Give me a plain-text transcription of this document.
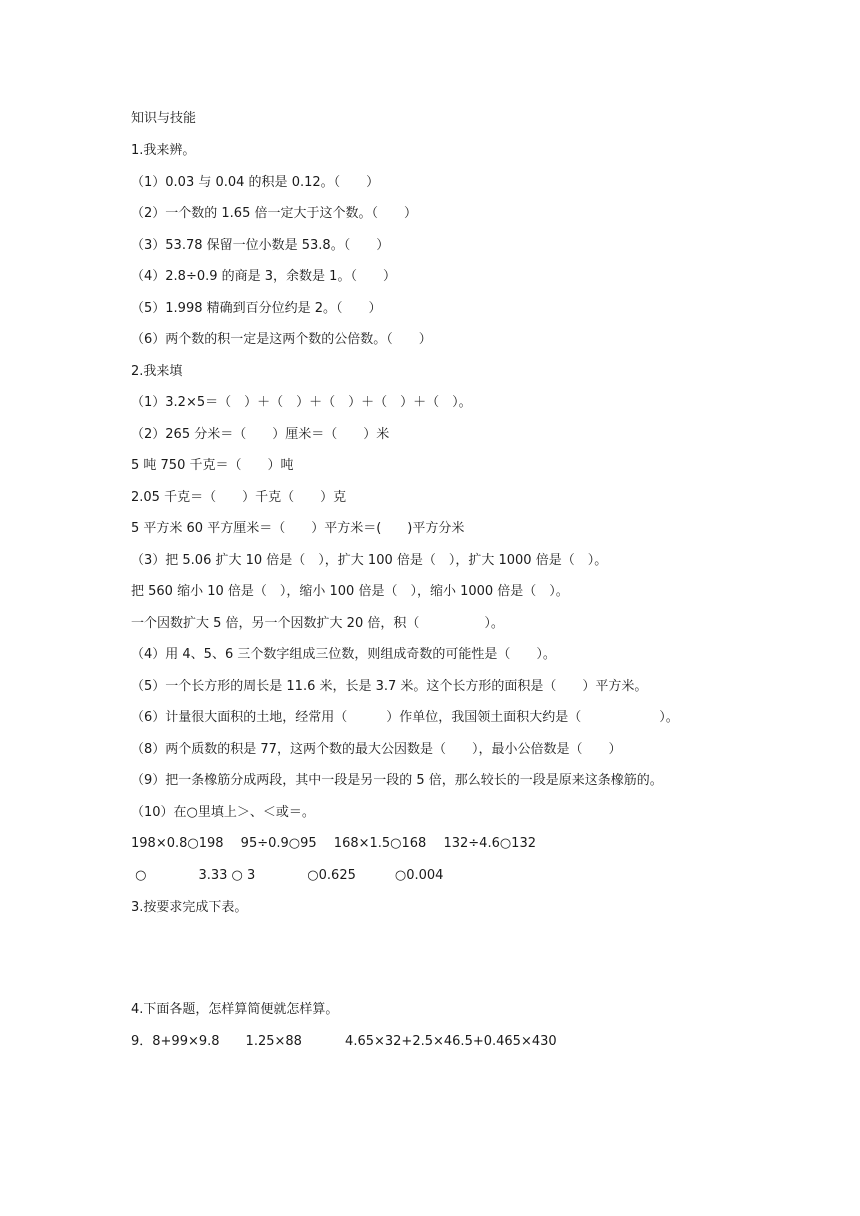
知识与技能
1.我来辨。
（1）0.03 与 0.04 的积是 0.12。（　　）
（2）一个数的 1.65 倍一定大于这个数。（　　）
（3）53.78 保留一位小数是 53.8。（　　）
（4）2.8÷0.9 的商是 3，余数是 1。（　　）
（5）1.998 精确到百分位约是 2。（　　）
（6）两个数的积一定是这两个数的公倍数。（　　）
2.我来填
（1）3.2×5＝（　）＋（　）＋（　）＋（　）＋（　）。
（2）265 分米＝（　　）厘米＝（　　）米
5 吨 750 千克＝（　　）吨
2.05 千克＝（　　）千克（　　）克
5 平方米 60 平方厘米＝（　　）平方米＝(　　)平方分米
（3）把 5.06 扩大 10 倍是（　），扩大 100 倍是（　），扩大 1000 倍是（　）。
把 560 缩小 10 倍是（　），缩小 100 倍是（　），缩小 1000 倍是（　）。
一个因数扩大 5 倍，另一个因数扩大 20 倍，积（　　　　　）。
（4）用 4、5、6 三个数字组成三位数，则组成奇数的可能性是（　　）。
（5）一个长方形的周长是 11.6 米，长是 3.7 米。这个长方形的面积是（　　）平方米。
（6）计量很大面积的土地，经常用（　　　）作单位，我国领土面积大约是（　　　　　　）。
（8）两个质数的积是 77，这两个数的最大公因数是（　　），最小公倍数是（　　）
（9）把一条橡筋分成两段，其中一段是另一段的 5 倍，那么较长的一段是原来这条橡筋的。
（10）在○里填上＞、＜或＝。
198×0.8○198　 95÷0.9○95　 168×1.5○168　 132÷4.6○132
○　　　　3.33 ○ 3　　　　○0.625　　　○0.004
3.按要求完成下表。
4.下面各题，怎样算简便就怎样算。
9．8+99×9.8　　1.25×88　　　 4.65×32+2.5×46.5+0.465×430
